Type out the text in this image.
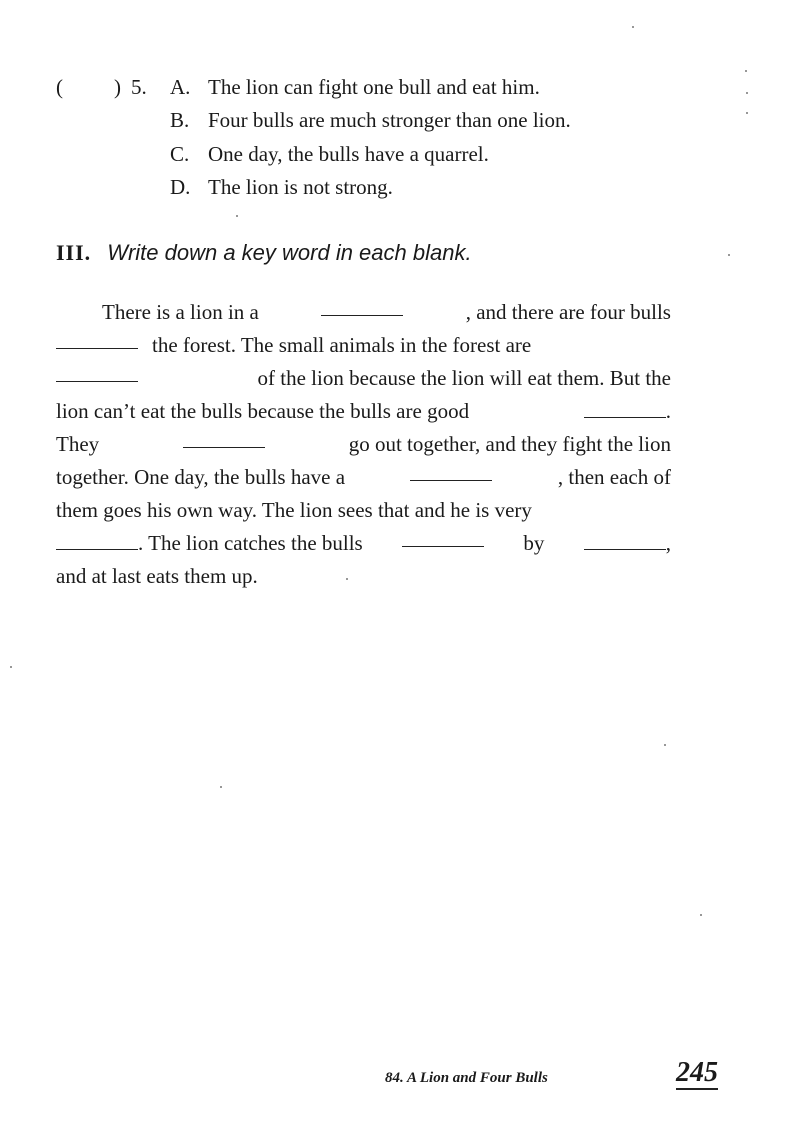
( ) 5. A. The lion can fight one bull and eat him.
B. Four bulls are much stronger than one lion.
C. One day, the bulls have a quarrel.
D. The lion is not strong.
III. Write down a key word in each blank.
There is a lion in a	, and there are four bulls
the forest. The small animals in the forest are
of the lion because the lion will eat them. But the
lion can’t eat the bulls because the bulls are good	.
They	go out together, and they fight the lion
together. One day, the bulls have a	, then each of
them goes his own way. The lion sees that and he is very
. The lion catches the bulls	by	,
and at last eats them up.
84. A Lion and Four Bulls	245
